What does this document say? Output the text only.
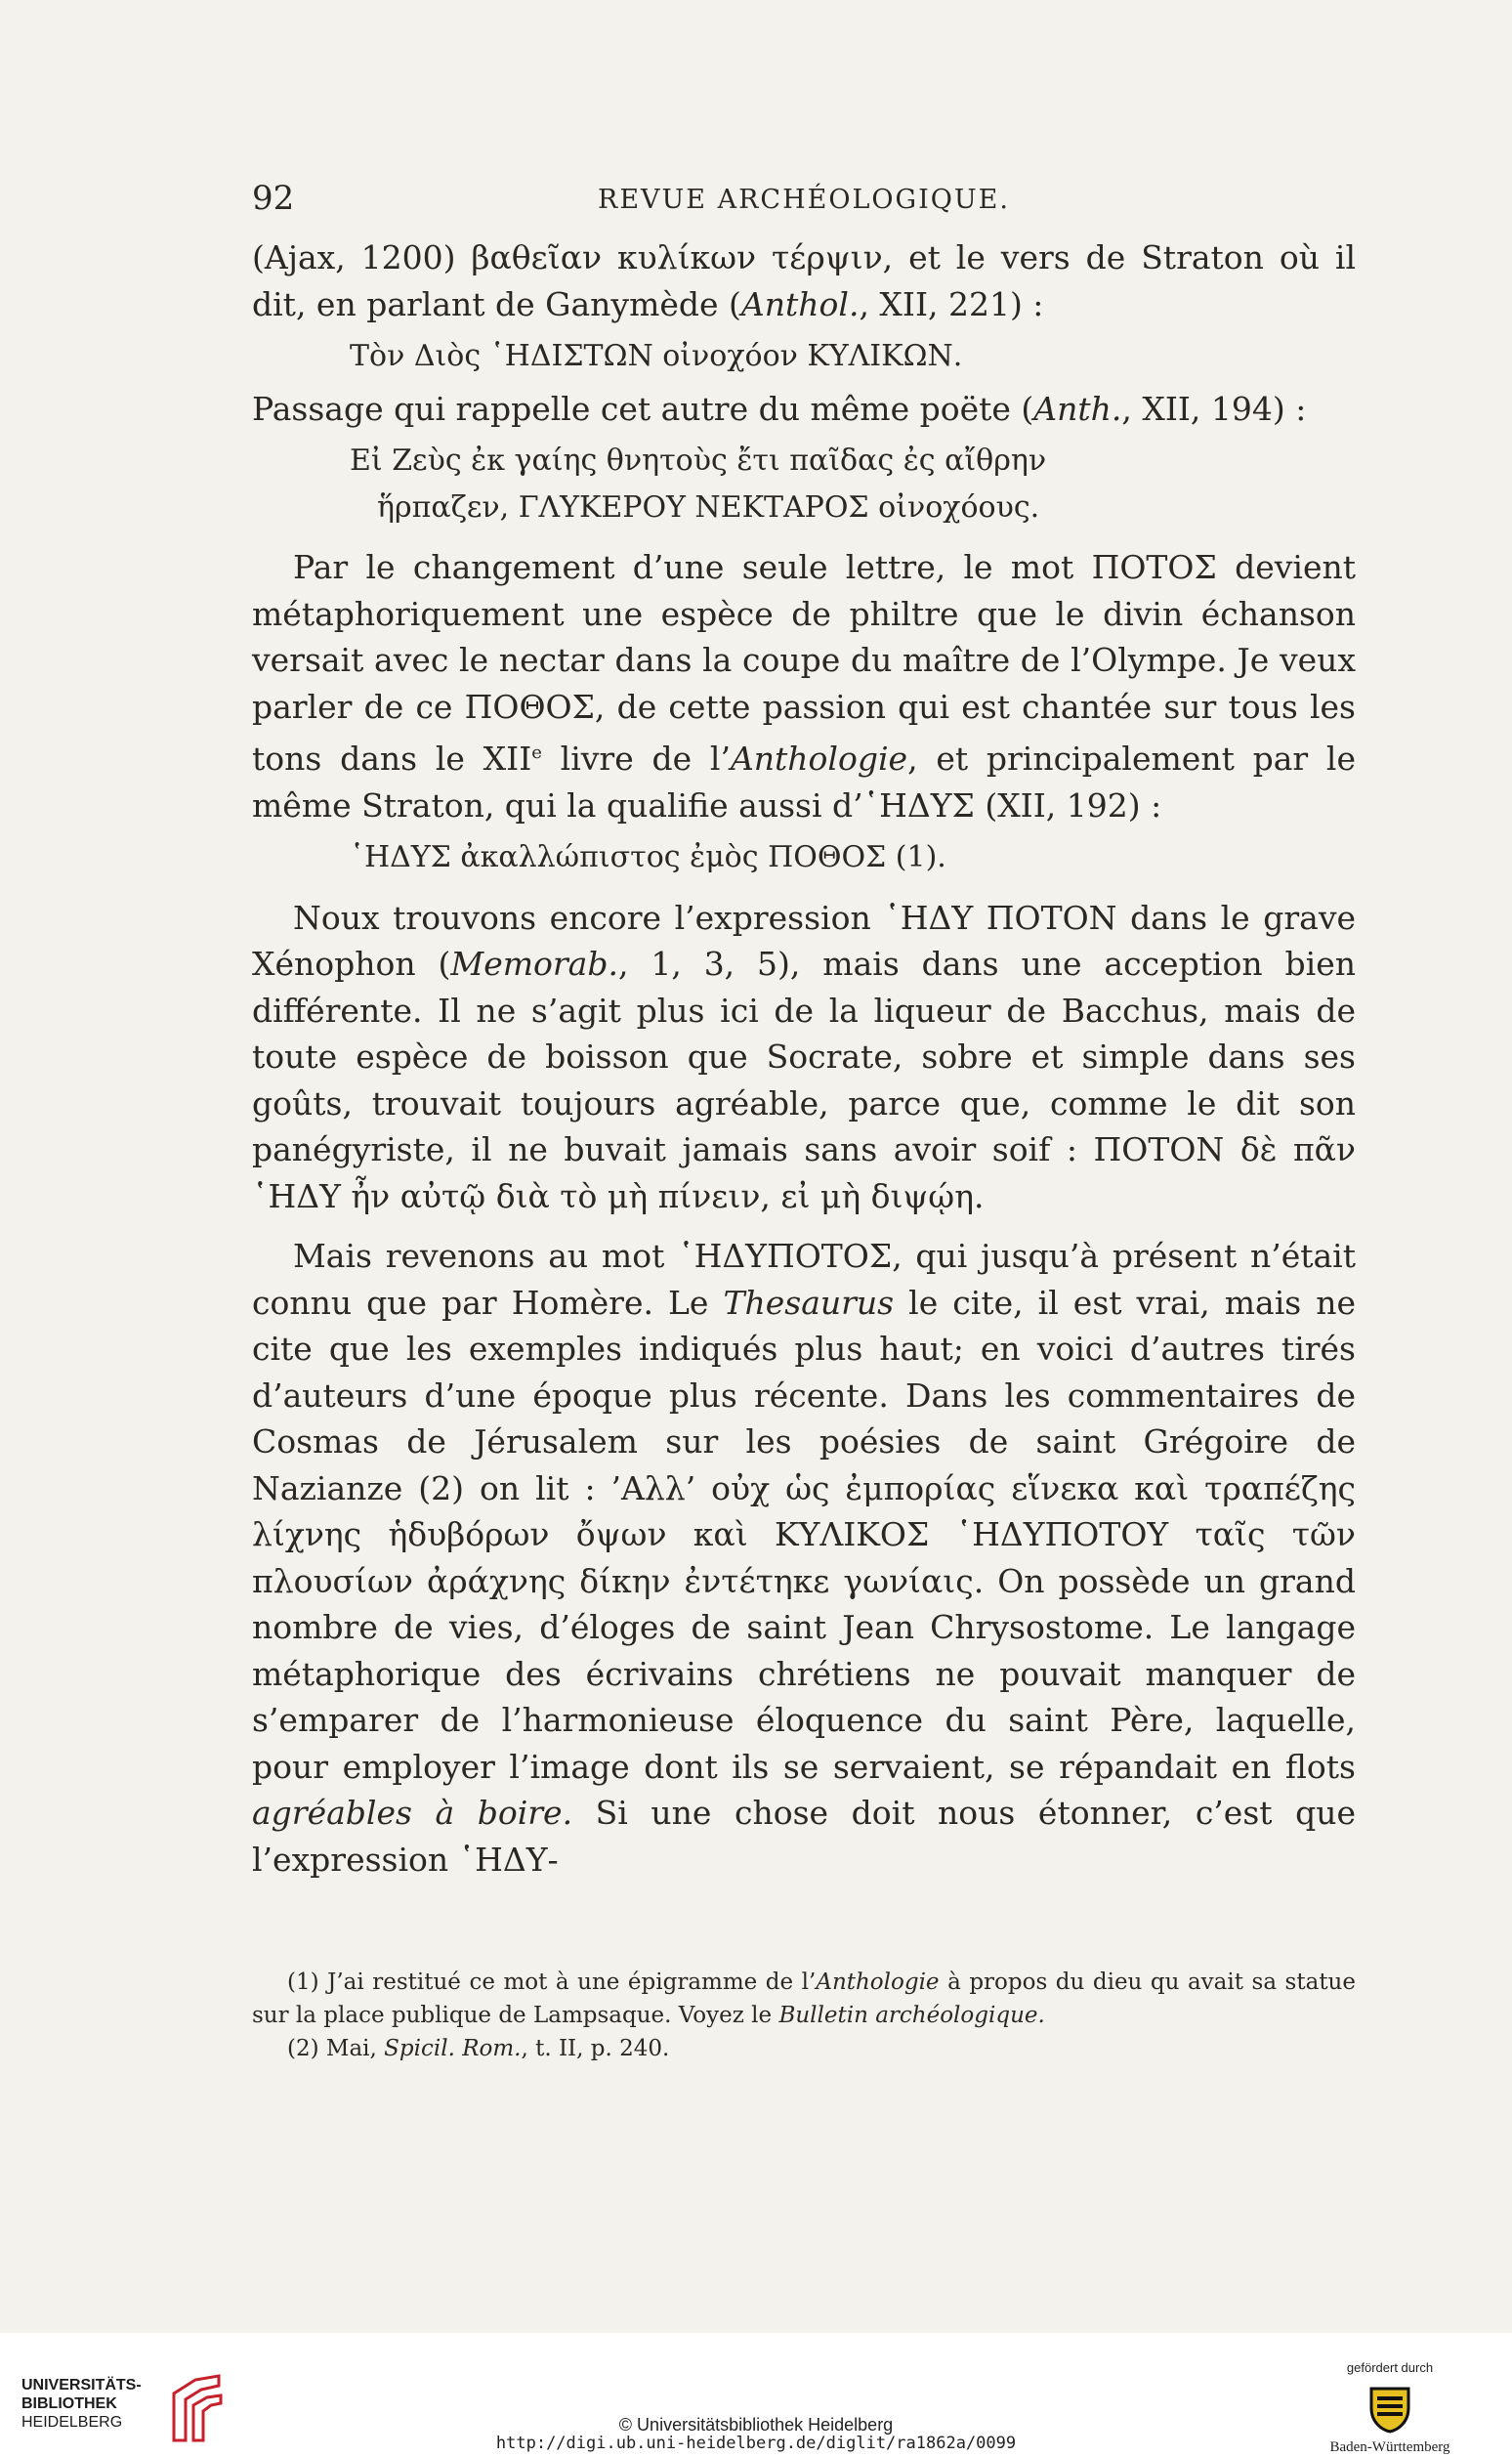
92	REVUE ARCHÉOLOGIQUE.

(Ajax, 1200) βαθεῖαν κυλίκων τέρψιν, et le vers de Straton où il dit, en parlant de Ganymède (Anthol., XII, 221) :

Τὸν Διὸς ῾ΗΔΙΣΤΩΝ οἰνοχόον ΚΥΛΙΚΩΝ.

Passage qui rappelle cet autre du même poëte (Anth., XII, 194) :

Εἰ Ζεὺς ἐκ γαίης θνητοὺς ἔτι παῖδας ἐς αἴθρην
ἥρπαζεν, ΓΛΥΚΕΡΟΥ ΝΕΚΤΑΡΟΣ οἰνοχόους.

Par le changement d’une seule lettre, le mot ΠΟΤΟΣ devient métaphoriquement une espèce de philtre que le divin échanson versait avec le nectar dans la coupe du maître de l’Olympe. Je veux parler de ce ΠΟΘΟΣ, de cette passion qui est chantée sur tous les tons dans le XIIe livre de l’Anthologie, et principalement par le même Straton, qui la qualifie aussi d’῾ΗΔΥΣ (XII, 192) :

῾ΗΔΥΣ ἀκαλλώπιστος ἐμὸς ΠΟΘΟΣ (1).

Noux trouvons encore l’expression ῾ΗΔΥ ΠΟΤΟΝ dans le grave Xénophon (Memorab., 1, 3, 5), mais dans une acception bien différente. Il ne s’agit plus ici de la liqueur de Bacchus, mais de toute espèce de boisson que Socrate, sobre et simple dans ses goûts, trouvait toujours agréable, parce que, comme le dit son panégyriste, il ne buvait jamais sans avoir soif : ΠΟΤΟΝ δὲ πᾶν ῾ΗΔΥ ἦν αὐτῷ διὰ τὸ μὴ πίνειν, εἰ μὴ διψῴη.

Mais revenons au mot ῾ΗΔΥΠΟΤΟΣ, qui jusqu’à présent n’était connu que par Homère. Le Thesaurus le cite, il est vrai, mais ne cite que les exemples indiqués plus haut; en voici d’autres tirés d’auteurs d’une époque plus récente. Dans les commentaires de Cosmas de Jérusalem sur les poésies de saint Grégoire de Nazianze (2) on lit : ’Αλλ’ οὐχ ὡς ἐμπορίας εἵνεκα καὶ τραπέζης λίχνης ἡδυβόρων ὄψων καὶ ΚΥΛΙΚΟΣ ῾ΗΔΥΠΟΤΟΥ ταῖς τῶν πλουσίων ἀράχνης δίκην ἐντέτηκε γωνίαις. On possède un grand nombre de vies, d’éloges de saint Jean Chrysostome. Le langage métaphorique des écrivains chrétiens ne pouvait manquer de s’emparer de l’harmonieuse éloquence du saint Père, laquelle, pour employer l’image dont ils se servaient, se répandait en flots agréables à boire. Si une chose doit nous étonner, c’est que l’expression ῾ΗΔΥ-

(1) J’ai restitué ce mot à une épigramme de l’Anthologie à propos du dieu qu avait sa statue sur la place publique de Lampsaque. Voyez le Bulletin archéologique.

(2) Mai, Spicil. Rom., t. II, p. 240.

UNIVERSITÄTS-
BIBLIOTHEK
HEIDELBERG	© Universitätsbibliothek Heidelberg
http://digi.ub.uni-heidelberg.de/diglit/ra1862a/0099
gefördert durch
Baden-Württemberg
